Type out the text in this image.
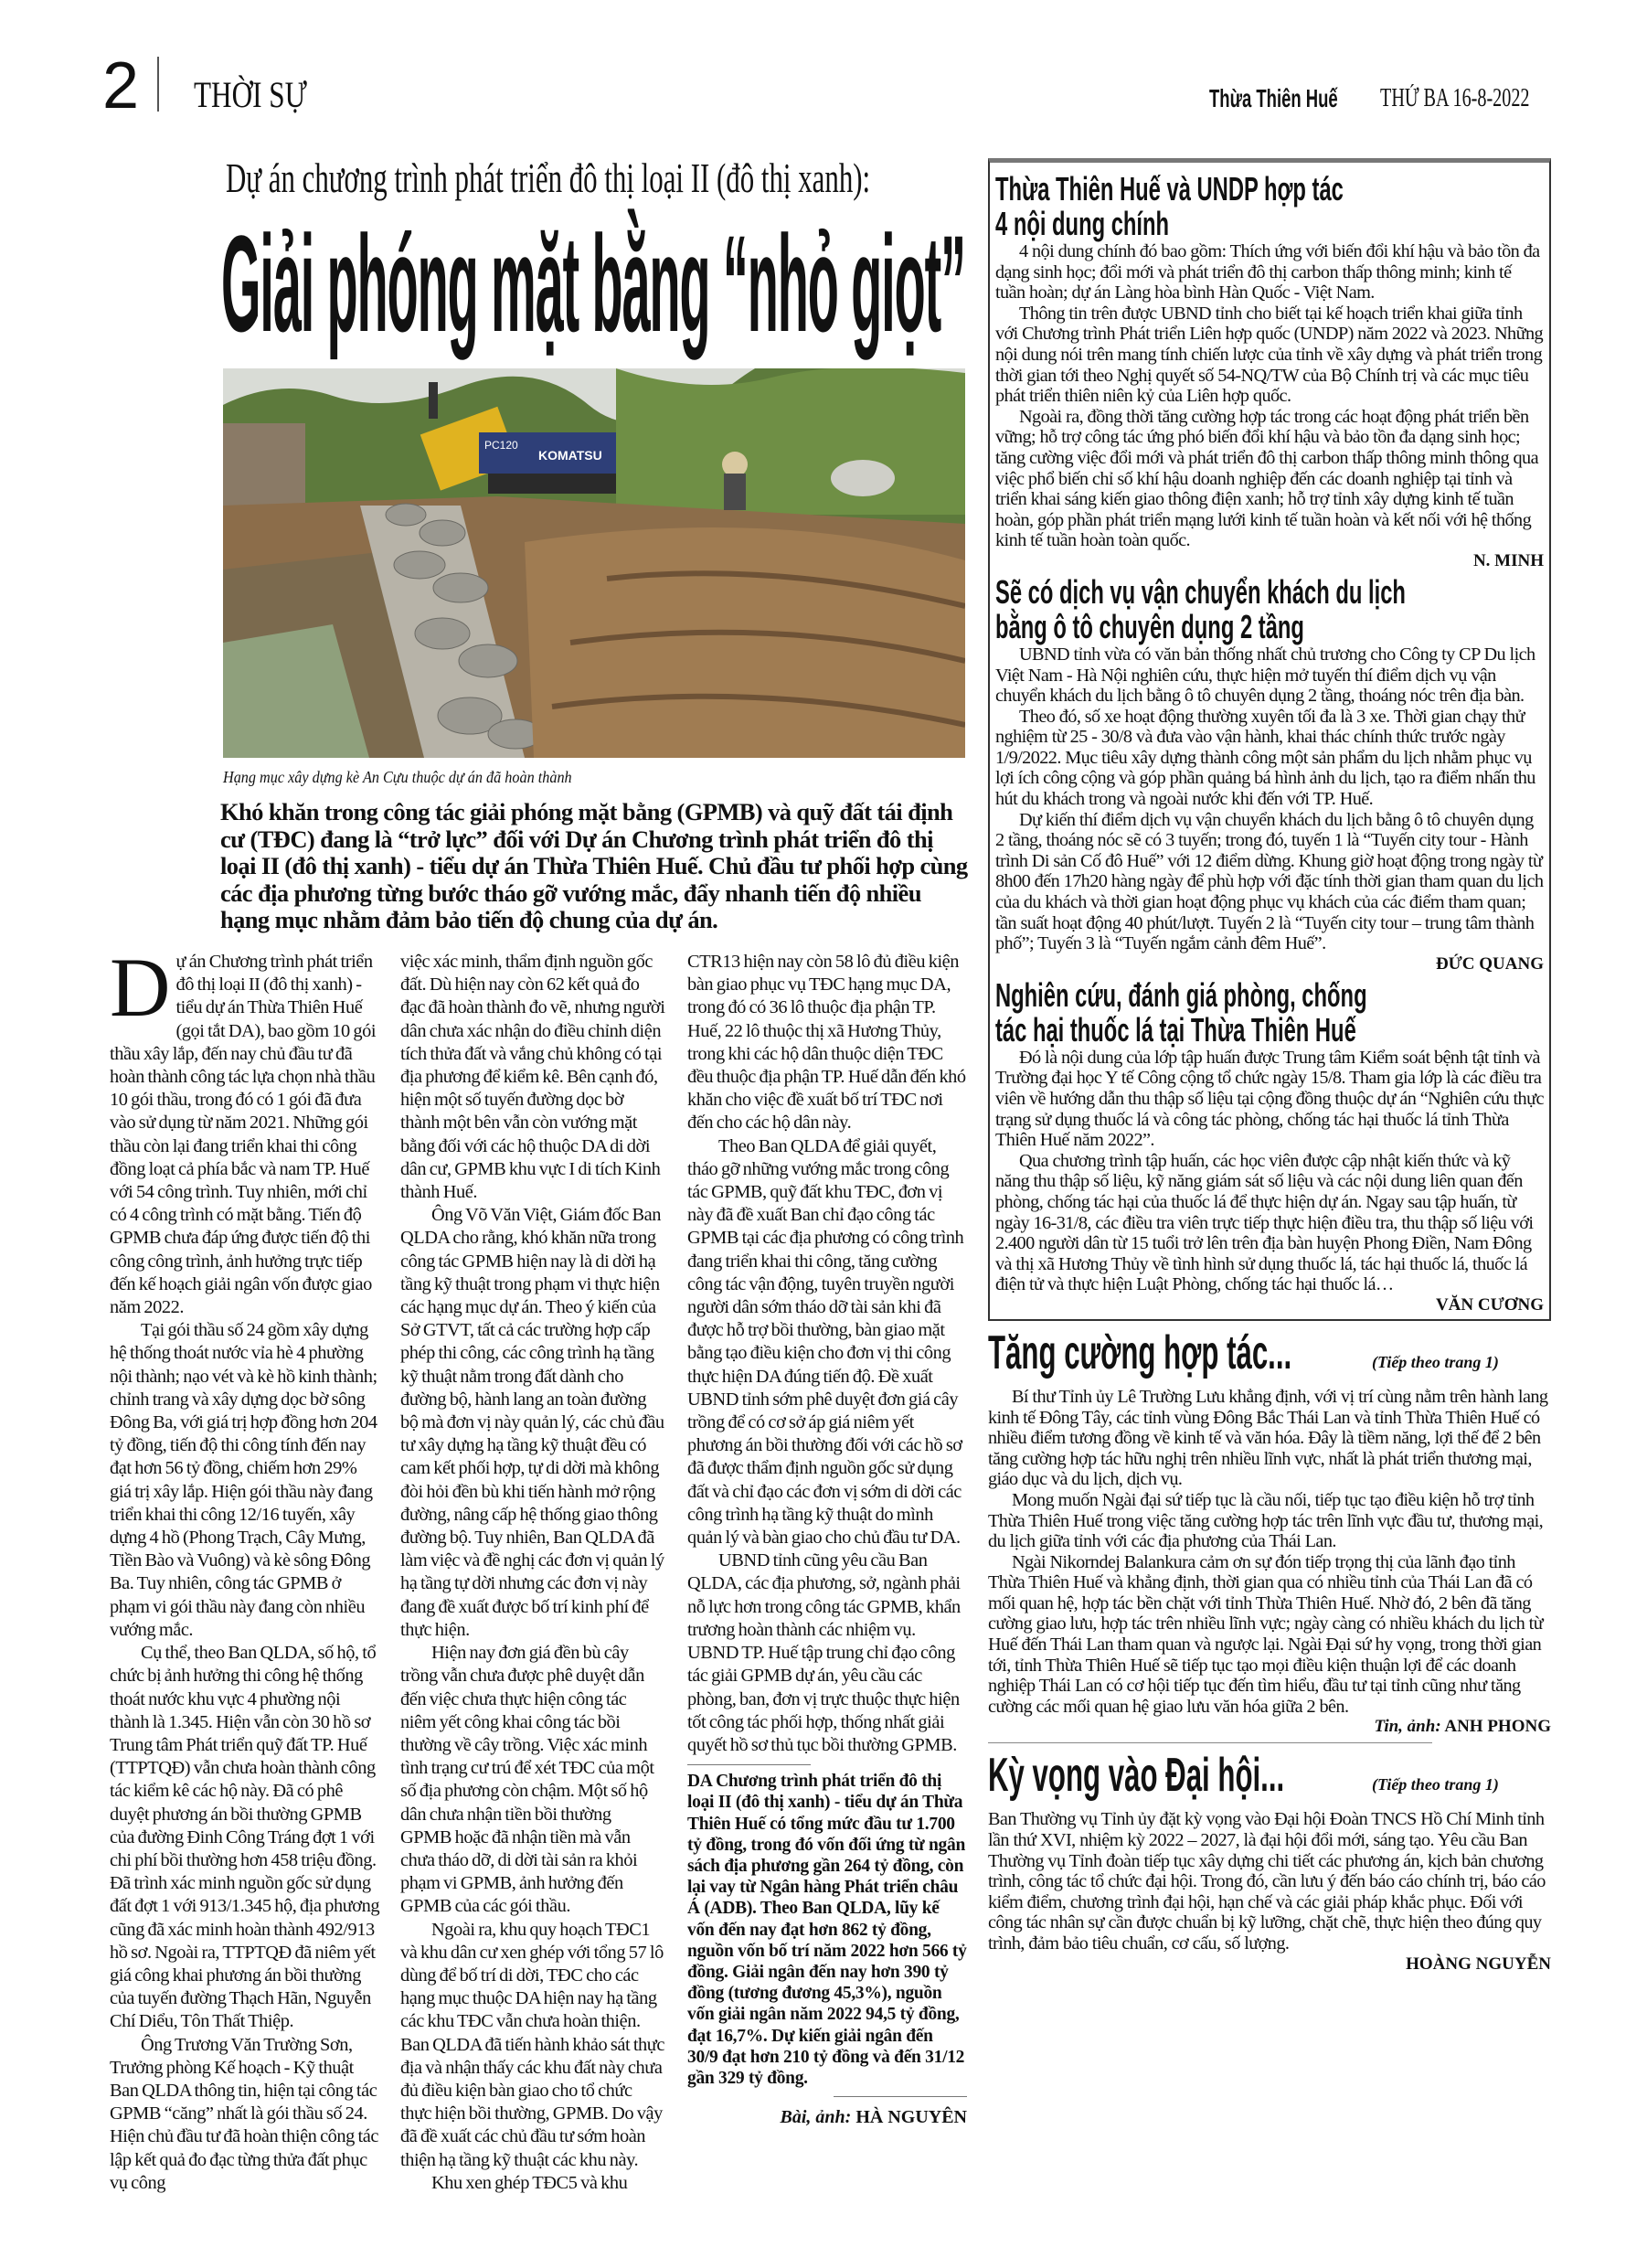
2 THỜI SỰ	Thừa Thiên Huế	THỨ BA 16-8-2022
Dự án chương trình phát triển đô thị loại II (đô thị xanh):
Giải phóng mặt bằng “nhỏ giọt”
KOMATSU
PC120
Hạng mục xây dựng kè An Cựu thuộc dự án đã hoàn thành
Khó khăn trong công tác giải phóng mặt bằng (GPMB) và quỹ đất tái định cư (TĐC) đang là “trở lực” đối với Dự án Chương trình phát triển đô thị loại II (đô thị xanh) - tiểu dự án Thừa Thiên Huế. Chủ đầu tư phối hợp cùng các địa phương từng bước tháo gỡ vướng mắc, đẩy nhanh tiến độ nhiều hạng mục nhằm đảm bảo tiến độ chung của dự án.

Dự án Chương trình phát triển đô thị loại II (đô thị xanh) - tiểu dự án Thừa Thiên Huế (gọi tắt DA), bao gồm 10 gói thầu xây lắp, đến nay chủ đầu tư đã hoàn thành công tác lựa chọn nhà thầu 10 gói thầu, trong đó có 1 gói đã đưa vào sử dụng từ năm 2021. Những gói thầu còn lại đang triển khai thi công đồng loạt cả phía bắc và nam TP. Huế với 54 công trình. Tuy nhiên, mới chỉ có 4 công trình có mặt bằng. Tiến độ GPMB chưa đáp ứng được tiến độ thi công công trình, ảnh hưởng trực tiếp đến kế hoạch giải ngân vốn được giao năm 2022.

Tại gói thầu số 24 gồm xây dựng hệ thống thoát nước vỉa hè 4 phường nội thành; nạo vét và kè hồ kinh thành; chỉnh trang và xây dựng dọc bờ sông Đông Ba, với giá trị hợp đồng hơn 204 tỷ đồng, tiến độ thi công tính đến nay đạt hơn 56 tỷ đồng, chiếm hơn 29% giá trị xây lắp. Hiện gói thầu này đang triển khai thi công 12/16 tuyến, xây dựng 4 hồ (Phong Trạch, Cây Mưng, Tiền Bào và Vuông) và kè sông Đông Ba. Tuy nhiên, công tác GPMB ở phạm vi gói thầu này đang còn nhiều vướng mắc.

Cụ thể, theo Ban QLDA, số hộ, tổ chức bị ảnh hưởng thi công hệ thống thoát nước khu vực 4 phường nội thành là 1.345. Hiện vẫn còn 30 hồ sơ Trung tâm Phát triển quỹ đất TP. Huế (TTPTQĐ) vẫn chưa hoàn thành công tác kiểm kê các hộ này. Đã có phê duyệt phương án bồi thường GPMB của đường Đinh Công Tráng đợt 1 với chi phí bồi thường hơn 458 triệu đồng. Đã trình xác minh nguồn gốc sử dụng đất đợt 1 với 913/1.345 hộ, địa phương cũng đã xác minh hoàn thành 492/913 hồ sơ. Ngoài ra, TTPTQĐ đã niêm yết giá công khai phương án bồi thường của tuyến đường Thạch Hãn, Nguyễn Chí Diểu, Tôn Thất Thiệp.

Ông Trương Văn Trường Sơn, Trưởng phòng Kế hoạch - Kỹ thuật Ban QLDA thông tin, hiện tại công tác GPMB “căng” nhất là gói thầu số 24. Hiện chủ đầu tư đã hoàn thiện công tác lập kết quả đo đạc từng thửa đất phục vụ công

việc xác minh, thẩm định nguồn gốc đất. Dù hiện nay còn 62 kết quả đo đạc đã hoàn thành đo vẽ, nhưng người dân chưa xác nhận do điều chỉnh diện tích thửa đất và vắng chủ không có tại địa phương để kiểm kê. Bên cạnh đó, hiện một số tuyến đường dọc bờ thành một bên vẫn còn vướng mặt bằng đối với các hộ thuộc DA di dời dân cư, GPMB khu vực I di tích Kinh thành Huế.

Ông Võ Văn Việt, Giám đốc Ban QLDA cho rằng, khó khăn nữa trong công tác GPMB hiện nay là di dời hạ tầng kỹ thuật trong phạm vi thực hiện các hạng mục dự án. Theo ý kiến của Sở GTVT, tất cả các trường hợp cấp phép thi công, các công trình hạ tầng kỹ thuật nằm trong đất dành cho đường bộ, hành lang an toàn đường bộ mà đơn vị này quản lý, các chủ đầu tư xây dựng hạ tầng kỹ thuật đều có cam kết phối hợp, tự di dời mà không đòi hỏi đền bù khi tiến hành mở rộng đường, nâng cấp hệ thống giao thông đường bộ. Tuy nhiên, Ban QLDA đã làm việc và đề nghị các đơn vị quản lý hạ tầng tự dời nhưng các đơn vị này đang đề xuất được bố trí kinh phí để thực hiện.

Hiện nay đơn giá đền bù cây trồng vẫn chưa được phê duyệt dẫn đến việc chưa thực hiện công tác niêm yết công khai công tác bồi thường về cây trồng. Việc xác minh tình trạng cư trú để xét TĐC của một số địa phương còn chậm. Một số hộ dân chưa nhận tiền bồi thường GPMB hoặc đã nhận tiền mà vẫn chưa tháo dỡ, di dời tài sản ra khỏi phạm vi GPMB, ảnh hưởng đến GPMB của các gói thầu.

Ngoài ra, khu quy hoạch TĐC1 và khu dân cư xen ghép với tổng 57 lô dùng để bố trí di dời, TĐC cho các hạng mục thuộc DA hiện nay hạ tầng các khu TĐC vẫn chưa hoàn thiện. Ban QLDA đã tiến hành khảo sát thực địa và nhận thấy các khu đất này chưa đủ điều kiện bàn giao cho tổ chức thực hiện bồi thường, GPMB. Do vậy đã đề xuất các chủ đầu tư sớm hoàn thiện hạ tầng kỹ thuật các khu này.

Khu xen ghép TĐC5 và khu

CTR13 hiện nay còn 58 lô đủ điều kiện bàn giao phục vụ TĐC hạng mục DA, trong đó có 36 lô thuộc địa phận TP. Huế, 22 lô thuộc thị xã Hương Thủy, trong khi các hộ dân thuộc diện TĐC đều thuộc địa phận TP. Huế dẫn đến khó khăn cho việc đề xuất bố trí TĐC nơi đến cho các hộ dân này.

Theo Ban QLDA để giải quyết, tháo gỡ những vướng mắc trong công tác GPMB, quỹ đất khu TĐC, đơn vị này đã đề xuất Ban chỉ đạo công tác GPMB tại các địa phương có công trình đang triển khai thi công, tăng cường công tác vận động, tuyên truyền người người dân sớm tháo dỡ tài sản khi đã được hỗ trợ bồi thường, bàn giao mặt bằng tạo điều kiện cho đơn vị thi công thực hiện DA đúng tiến độ. Đề xuất UBND tỉnh sớm phê duyệt đơn giá cây trồng để có cơ sở áp giá niêm yết phương án bồi thường đối với các hồ sơ đã được thẩm định nguồn gốc sử dụng đất và chỉ đạo các đơn vị sớm di dời các công trình hạ tầng kỹ thuật do mình quản lý và bàn giao cho chủ đầu tư DA.

UBND tỉnh cũng yêu cầu Ban QLDA, các địa phương, sở, ngành phải nỗ lực hơn trong công tác GPMB, khẩn trương hoàn thành các nhiệm vụ. UBND TP. Huế tập trung chỉ đạo công tác giải GPMB dự án, yêu cầu các phòng, ban, đơn vị trực thuộc thực hiện tốt công tác phối hợp, thống nhất giải quyết hồ sơ thủ tục bồi thường GPMB.

DA Chương trình phát triển đô thị loại II (đô thị xanh) - tiểu dự án Thừa Thiên Huế có tổng mức đầu tư 1.700 tỷ đồng, trong đó vốn đối ứng từ ngân sách địa phương gần 264 tỷ đồng, còn lại vay từ Ngân hàng Phát triển châu Á (ADB). Theo Ban QLDA, lũy kế vốn đến nay đạt hơn 862 tỷ đồng, nguồn vốn bố trí năm 2022 hơn 566 tỷ đồng. Giải ngân đến nay hơn 390 tỷ đồng (tương đương 45,3%), nguồn vốn giải ngân năm 2022 94,5 tỷ đồng, đạt 16,7%. Dự kiến giải ngân đến 30/9 đạt hơn 210 tỷ đồng và đến 31/12 gần 329 tỷ đồng.
Bài, ảnh: HÀ NGUYÊN
Thừa Thiên Huế và UNDP hợp tác
4 nội dung chính

4 nội dung chính đó bao gồm: Thích ứng với biến đổi khí hậu và bảo tồn đa dạng sinh học; đổi mới và phát triển đô thị carbon thấp thông minh; kinh tế tuần hoàn; dự án Làng hòa bình Hàn Quốc - Việt Nam.

Thông tin trên được UBND tỉnh cho biết tại kế hoạch triển khai giữa tỉnh với Chương trình Phát triển Liên hợp quốc (UNDP) năm 2022 và 2023. Những nội dung nói trên mang tính chiến lược của tỉnh về xây dựng và phát triển trong thời gian tới theo Nghị quyết số 54-NQ/TW của Bộ Chính trị và các mục tiêu phát triển thiên niên kỷ của Liên hợp quốc.

Ngoài ra, đồng thời tăng cường hợp tác trong các hoạt động phát triển bền vững; hỗ trợ công tác ứng phó biến đổi khí hậu và bảo tồn đa dạng sinh học; tăng cường việc đổi mới và phát triển đô thị carbon thấp thông minh thông qua việc phổ biến chỉ số khí hậu doanh nghiệp đến các doanh nghiệp tại tỉnh và triển khai sáng kiến giao thông điện xanh; hỗ trợ tỉnh xây dựng kinh tế tuần hoàn, góp phần phát triển mạng lưới kinh tế tuần hoàn và kết nối với hệ thống kinh tế tuần hoàn toàn quốc.

N. MINH
Sẽ có dịch vụ vận chuyển khách du lịch
bằng ô tô chuyên dụng 2 tầng

UBND tỉnh vừa có văn bản thống nhất chủ trương cho Công ty CP Du lịch Việt Nam - Hà Nội nghiên cứu, thực hiện mở tuyến thí điểm dịch vụ vận chuyển khách du lịch bằng ô tô chuyên dụng 2 tầng, thoáng nóc trên địa bàn.

Theo đó, số xe hoạt động thường xuyên tối đa là 3 xe. Thời gian chạy thử nghiệm từ 25 - 30/8 và đưa vào vận hành, khai thác chính thức trước ngày 1/9/2022. Mục tiêu xây dựng thành công một sản phẩm du lịch nhằm phục vụ lợi ích công cộng và góp phần quảng bá hình ảnh du lịch, tạo ra điểm nhấn thu hút du khách trong và ngoài nước khi đến với TP. Huế.

Dự kiến thí điểm dịch vụ vận chuyển khách du lịch bằng ô tô chuyên dụng 2 tầng, thoáng nóc sẽ có 3 tuyến; trong đó, tuyến 1 là “Tuyến city tour - Hành trình Di sản Cố đô Huế” với 12 điểm dừng. Khung giờ hoạt động trong ngày từ 8h00 đến 17h20 hàng ngày để phù hợp với đặc tính thời gian tham quan du lịch của du khách và thời gian hoạt động phục vụ khách của các điểm tham quan; tần suất hoạt động 40 phút/lượt. Tuyến 2 là “Tuyến city tour – trung tâm thành phố”; Tuyến 3 là “Tuyến ngắm cảnh đêm Huế”.

ĐỨC QUANG
Nghiên cứu, đánh giá phòng, chống
tác hại thuốc lá tại Thừa Thiên Huế

Đó là nội dung của lớp tập huấn được Trung tâm Kiểm soát bệnh tật tỉnh và Trường đại học Y tế Công cộng tổ chức ngày 15/8. Tham gia lớp là các điều tra viên về hướng dẫn thu thập số liệu tại cộng đồng thuộc dự án “Nghiên cứu thực trạng sử dụng thuốc lá và công tác phòng, chống tác hại thuốc lá tỉnh Thừa Thiên Huế năm 2022”.

Qua chương trình tập huấn, các học viên được cập nhật kiến thức và kỹ năng thu thập số liệu, kỹ năng giám sát số liệu và các nội dung liên quan đến phòng, chống tác hại của thuốc lá để thực hiện dự án. Ngay sau tập huấn, từ ngày 16-31/8, các điều tra viên trực tiếp thực hiện điều tra, thu thập số liệu với 2.400 người dân từ 15 tuổi trở lên trên địa bàn huyện Phong Điền, Nam Đông và thị xã Hương Thủy về tình hình sử dụng thuốc lá, tác hại thuốc lá, thuốc lá điện tử và thực hiện Luật Phòng, chống tác hại thuốc lá…

VĂN CƯƠNG
Tăng cường hợp tác...	(Tiếp theo trang 1)

Bí thư Tỉnh ủy Lê Trường Lưu khẳng định, với vị trí cùng nằm trên hành lang kinh tế Đông Tây, các tỉnh vùng Đông Bắc Thái Lan và tỉnh Thừa Thiên Huế có nhiều điểm tương đồng về kinh tế và văn hóa. Đây là tiềm năng, lợi thế để 2 bên tăng cường hợp tác hữu nghị trên nhiều lĩnh vực, nhất là phát triển thương mại, giáo dục và du lịch, dịch vụ.

Mong muốn Ngài đại sứ tiếp tục là cầu nối, tiếp tục tạo điều kiện hỗ trợ tỉnh Thừa Thiên Huế trong việc tăng cường hợp tác trên lĩnh vực đầu tư, thương mại, du lịch giữa tỉnh với các địa phương của Thái Lan.

Ngài Nikorndej Balankura cảm ơn sự đón tiếp trọng thị của lãnh đạo tỉnh Thừa Thiên Huế và khẳng định, thời gian qua có nhiều tỉnh của Thái Lan đã có mối quan hệ, hợp tác bền chặt với tỉnh Thừa Thiên Huế. Nhờ đó, 2 bên đã tăng cường giao lưu, hợp tác trên nhiều lĩnh vực; ngày càng có nhiều khách du lịch từ Huế đến Thái Lan tham quan và ngược lại. Ngài Đại sứ hy vọng, trong thời gian tới, tỉnh Thừa Thiên Huế sẽ tiếp tục tạo mọi điều kiện thuận lợi để các doanh nghiệp Thái Lan có cơ hội tiếp tục đến tìm hiểu, đầu tư tại tỉnh cũng như tăng cường các mối quan hệ giao lưu văn hóa giữa 2 bên.

Tin, ảnh: ANH PHONG
Kỳ vọng vào Đại hội...	(Tiếp theo trang 1)

Ban Thường vụ Tỉnh ủy đặt kỳ vọng vào Đại hội Đoàn TNCS Hồ Chí Minh tỉnh lần thứ XVI, nhiệm kỳ 2022 – 2027, là đại hội đổi mới, sáng tạo. Yêu cầu Ban Thường vụ Tỉnh đoàn tiếp tục xây dựng chi tiết các phương án, kịch bản chương trình, công tác tổ chức đại hội. Trong đó, cần lưu ý đến báo cáo chính trị, báo cáo kiểm điểm, chương trình đại hội, hạn chế và các giải pháp khắc phục. Đối với công tác nhân sự cần được chuẩn bị kỹ lưỡng, chặt chẽ, thực hiện theo đúng quy trình, đảm bảo tiêu chuẩn, cơ cấu, số lượng.

HOÀNG NGUYỄN
